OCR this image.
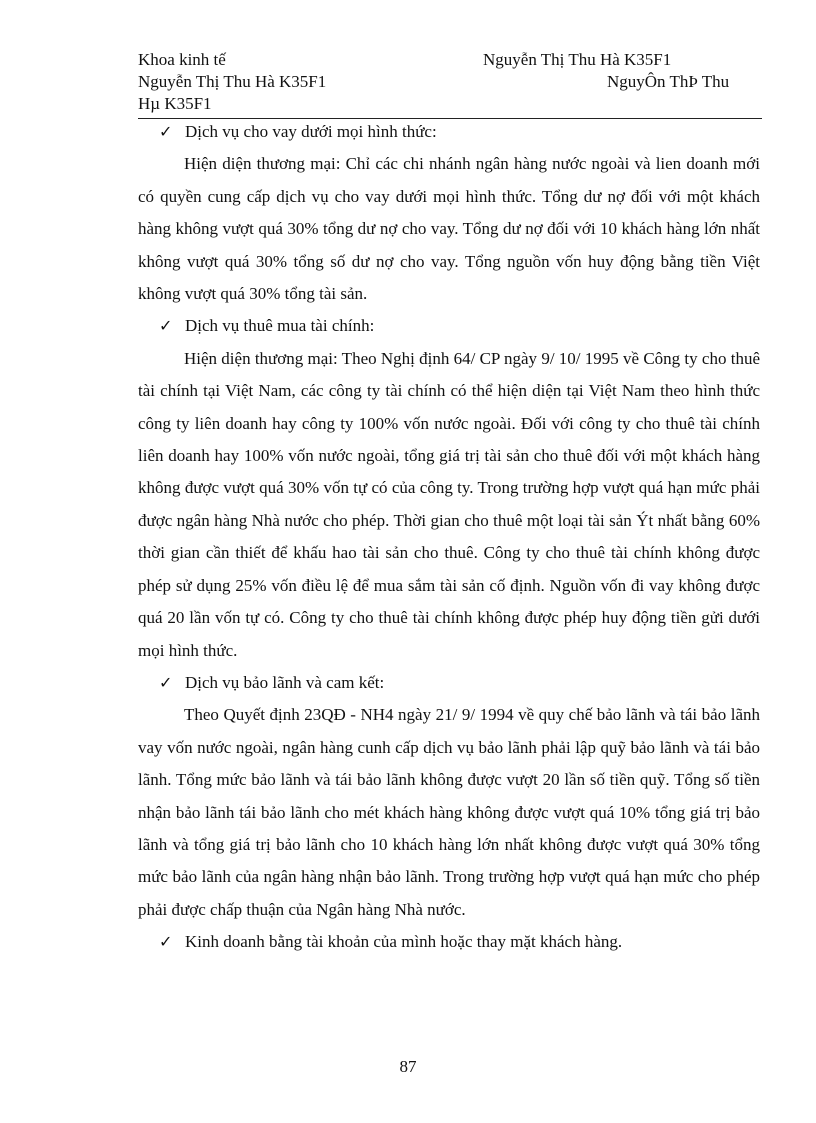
Khoa kinh tế	Nguyễn Thị Thu Hà K35F1
Nguyễn Thị Thu Hà K35F1	NguyÔn ThÞ Thu
Hµ K35F1

✓ Dịch vụ cho vay dưới mọi hình thức:

Hiện diện thương mại: Chỉ các chi nhánh ngân hàng nước ngoài và lien doanh mới có quyền cung cấp dịch vụ cho vay dưới mọi hình thức. Tổng dư nợ đối với một khách hàng không vượt quá 30% tổng dư nợ cho vay. Tổng dư nợ đối với 10 khách hàng lớn nhất không vượt quá 30% tổng số dư nợ cho vay. Tổng nguồn vốn huy động bằng tiền Việt không vượt quá 30% tổng tài sản.

✓ Dịch vụ thuê mua tài chính:

Hiện diện thương mại: Theo Nghị định 64/ CP ngày 9/ 10/ 1995 về Công ty cho thuê tài chính tại Việt Nam, các công ty tài chính có thể hiện diện tại Việt Nam theo hình thức công ty liên doanh hay công ty 100% vốn nước ngoài. Đối với công ty cho thuê tài chính liên doanh hay 100% vốn nước ngoài, tổng giá trị tài sản cho thuê đối với một khách hàng không được vượt quá 30% vốn tự có của công ty. Trong trường hợp vượt quá hạn mức phải được ngân hàng Nhà nước cho phép. Thời gian cho thuê một loại tài sản Ýt nhất bằng 60% thời gian cần thiết để khấu hao tài sản cho thuê. Công ty cho thuê tài chính không được phép sử dụng 25% vốn điều lệ để mua sắm tài sản cố định. Nguồn vốn đi vay không được quá 20 lần vốn tự có. Công ty cho thuê tài chính không được phép huy động tiền gửi dưới mọi hình thức.

✓ Dịch vụ bảo lãnh và cam kết:

Theo Quyết định 23QĐ - NH4 ngày 21/ 9/ 1994 về quy chế bảo lãnh và tái bảo lãnh vay vốn nước ngoài, ngân hàng cunh cấp dịch vụ bảo lãnh phải lập quỹ bảo lãnh và tái bảo lãnh. Tổng mức bảo lãnh và tái bảo lãnh không được vượt 20 lần số tiền quỹ. Tổng số tiền nhận bảo lãnh tái bảo lãnh cho mét khách hàng không được vượt quá 10% tổng giá trị bảo lãnh và tổng giá trị bảo lãnh cho 10 khách hàng lớn nhất không được vượt quá 30% tổng mức bảo lãnh của ngân hàng nhận bảo lãnh. Trong trường hợp vượt quá hạn mức cho phép phải được chấp thuận của Ngân hàng Nhà nước.

✓ Kinh doanh bằng tài khoản của mình hoặc thay mặt khách hàng.

87
